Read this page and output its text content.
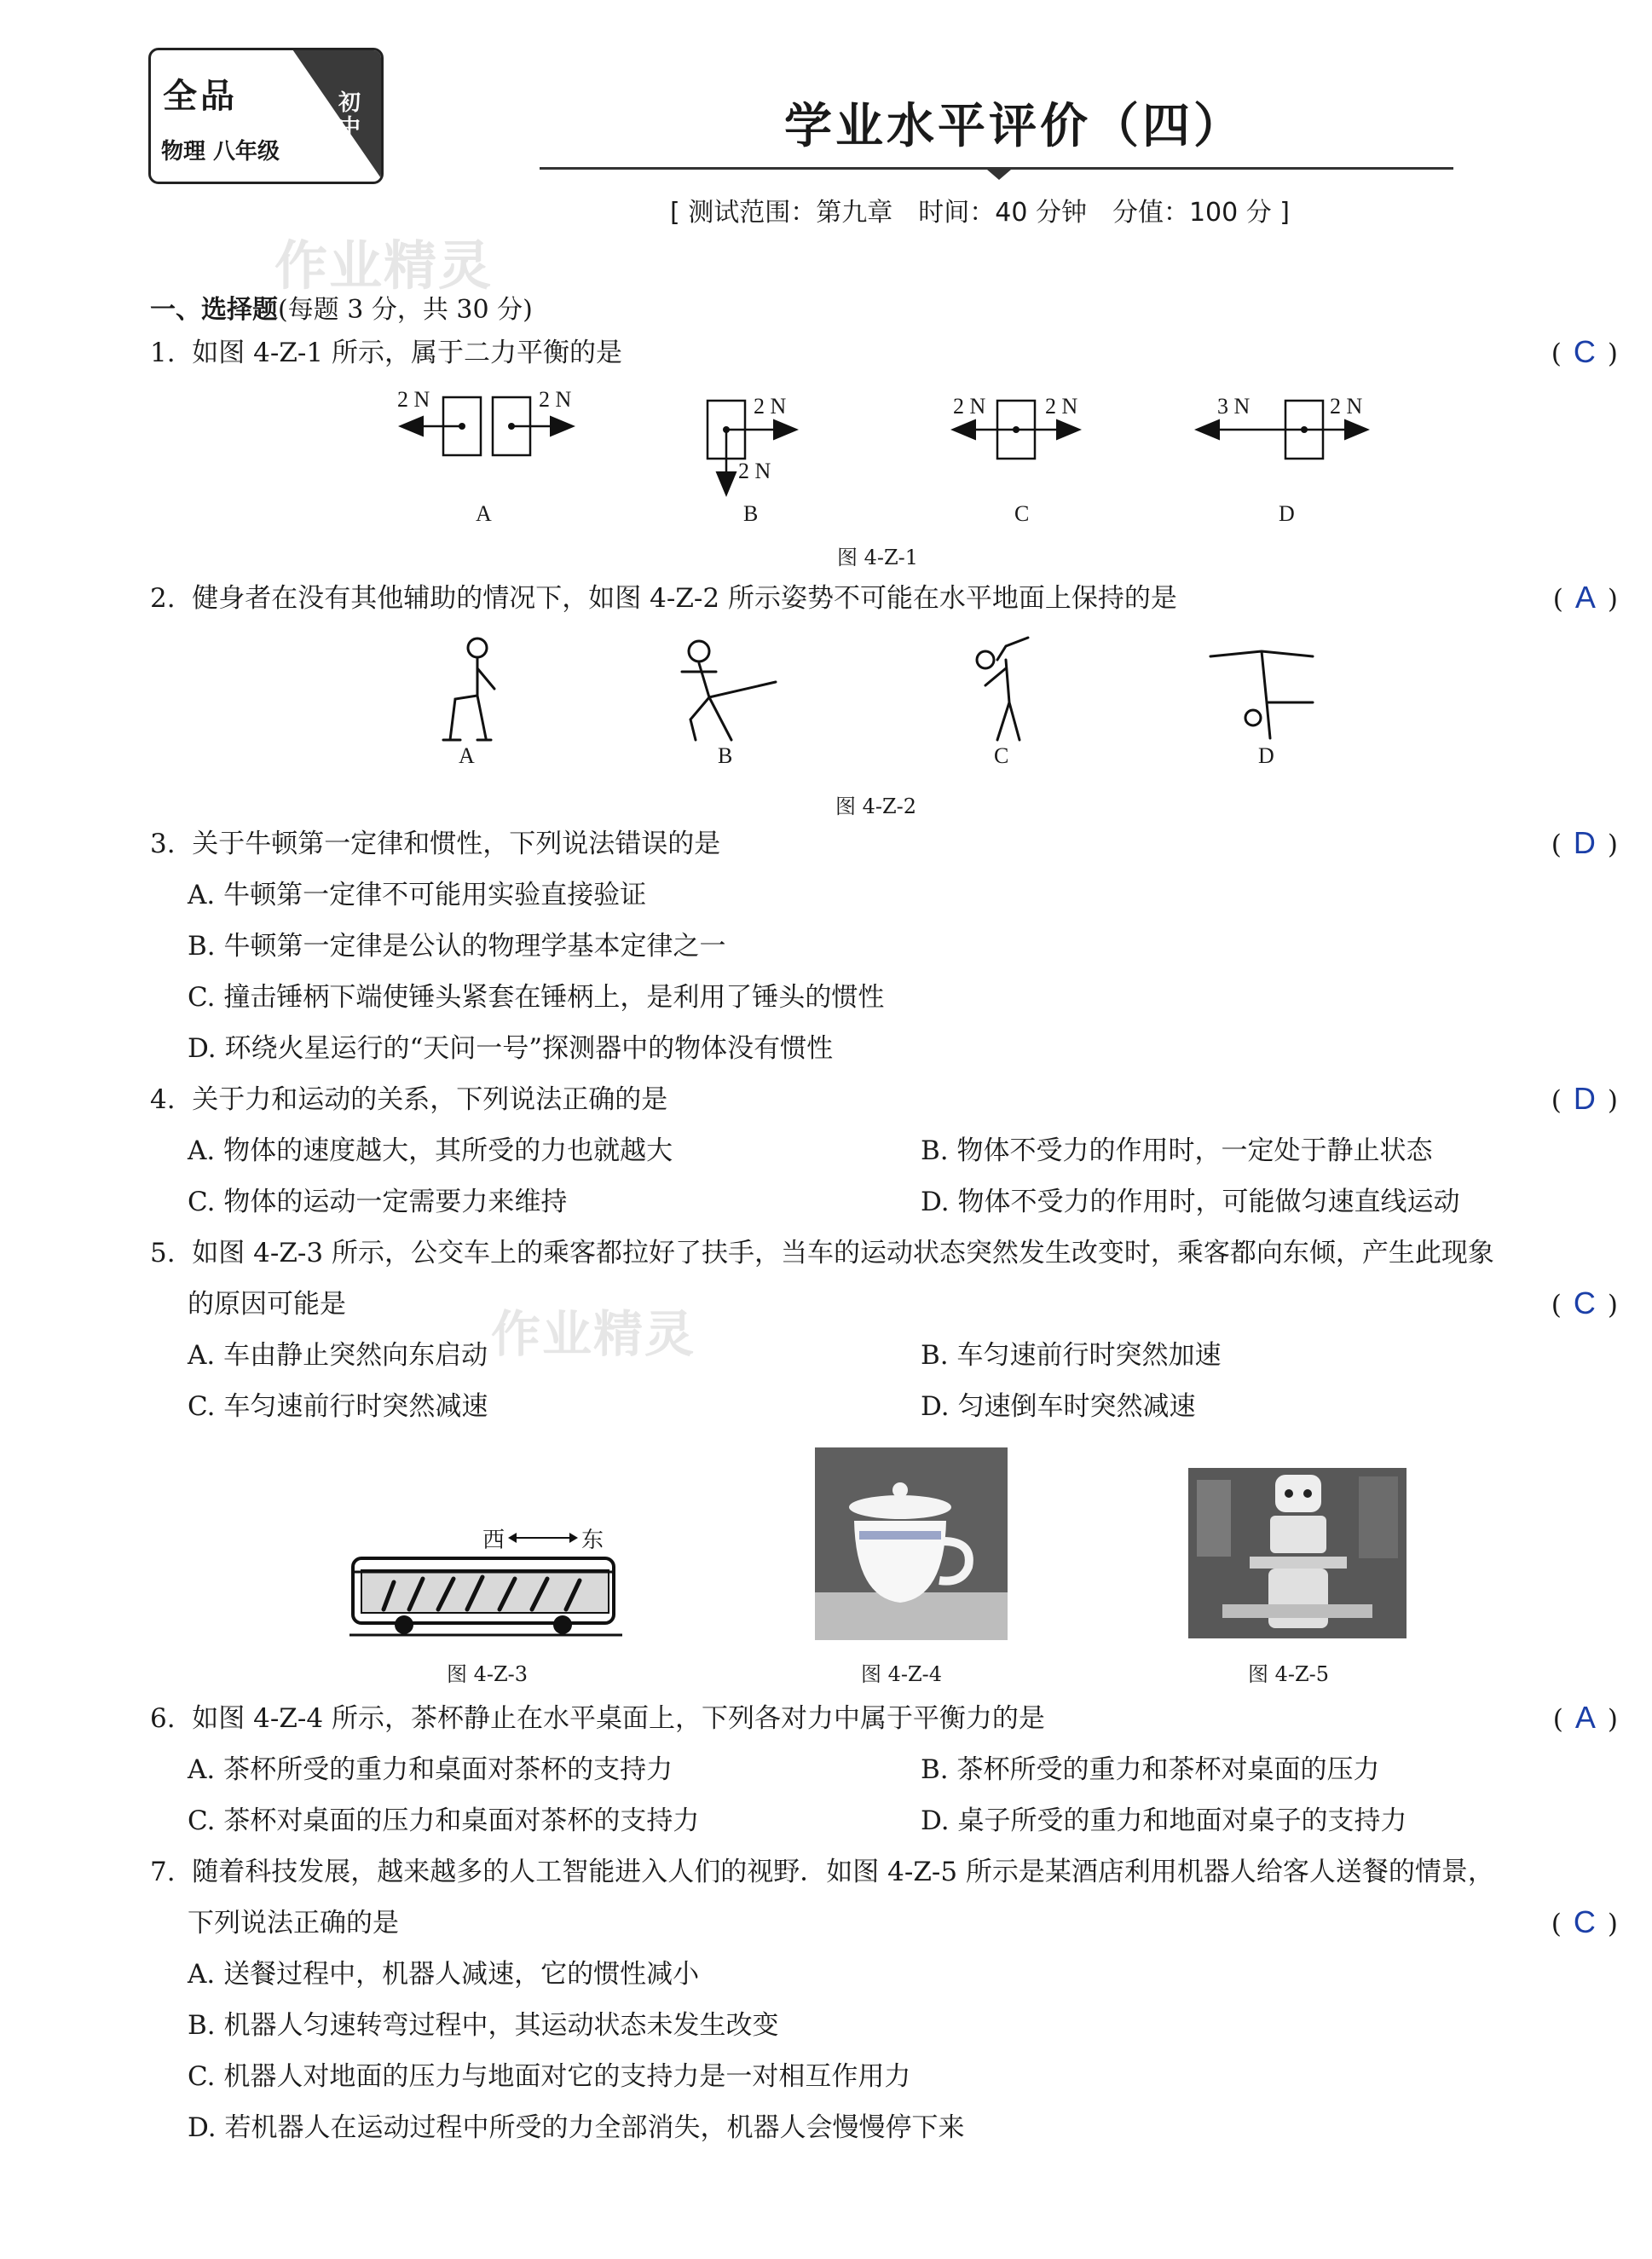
全品
物理 八年级
初中	学业水平评价（四）
[ 测试范围：第九章　时间：40 分钟　分值：100 分 ]
作业精灵
作业精灵
一、选择题(每题 3 分，共 30 分)
1. 如图 4-Z-1 所示，属于二力平衡的是	( C )
2 N	2 N	2 N
2 N
2 N	2 N	3 N	2 N
A	B	C	D
图 4-Z-1
2. 健身者在没有其他辅助的情况下，如图 4-Z-2 所示姿势不可能在水平地面上保持的是	( A )
A	B	C	D
图 4-Z-2
3. 关于牛顿第一定律和惯性，下列说法错误的是	( D )
A. 牛顿第一定律不可能用实验直接验证
B. 牛顿第一定律是公认的物理学基本定律之一
C. 撞击锤柄下端使锤头紧套在锤柄上，是利用了锤头的惯性
D. 环绕火星运行的“天问一号”探测器中的物体没有惯性
4. 关于力和运动的关系，下列说法正确的是	( D )
A. 物体的速度越大，其所受的力也就越大	B. 物体不受力的作用时，一定处于静止状态
C. 物体的运动一定需要力来维持	D. 物体不受力的作用时，可能做匀速直线运动
5. 如图 4-Z-3 所示，公交车上的乘客都拉好了扶手，当车的运动状态突然发生改变时，乘客都向东倾，产生此现象
的原因可能是	( C )
A. 车由静止突然向东启动	B. 车匀速前行时突然加速
C. 车匀速前行时突然减速	D. 匀速倒车时突然减速
西	东
图 4-Z-3	图 4-Z-4	图 4-Z-5
6. 如图 4-Z-4 所示，茶杯静止在水平桌面上，下列各对力中属于平衡力的是	( A )
A. 茶杯所受的重力和桌面对茶杯的支持力	B. 茶杯所受的重力和茶杯对桌面的压力
C. 茶杯对桌面的压力和桌面对茶杯的支持力	D. 桌子所受的重力和地面对桌子的支持力
7. 随着科技发展，越来越多的人工智能进入人们的视野．如图 4-Z-5 所示是某酒店利用机器人给客人送餐的情景，
下列说法正确的是	( C )
A. 送餐过程中，机器人减速，它的惯性减小
B. 机器人匀速转弯过程中，其运动状态未发生改变
C. 机器人对地面的压力与地面对它的支持力是一对相互作用力
D. 若机器人在运动过程中所受的力全部消失，机器人会慢慢停下来
